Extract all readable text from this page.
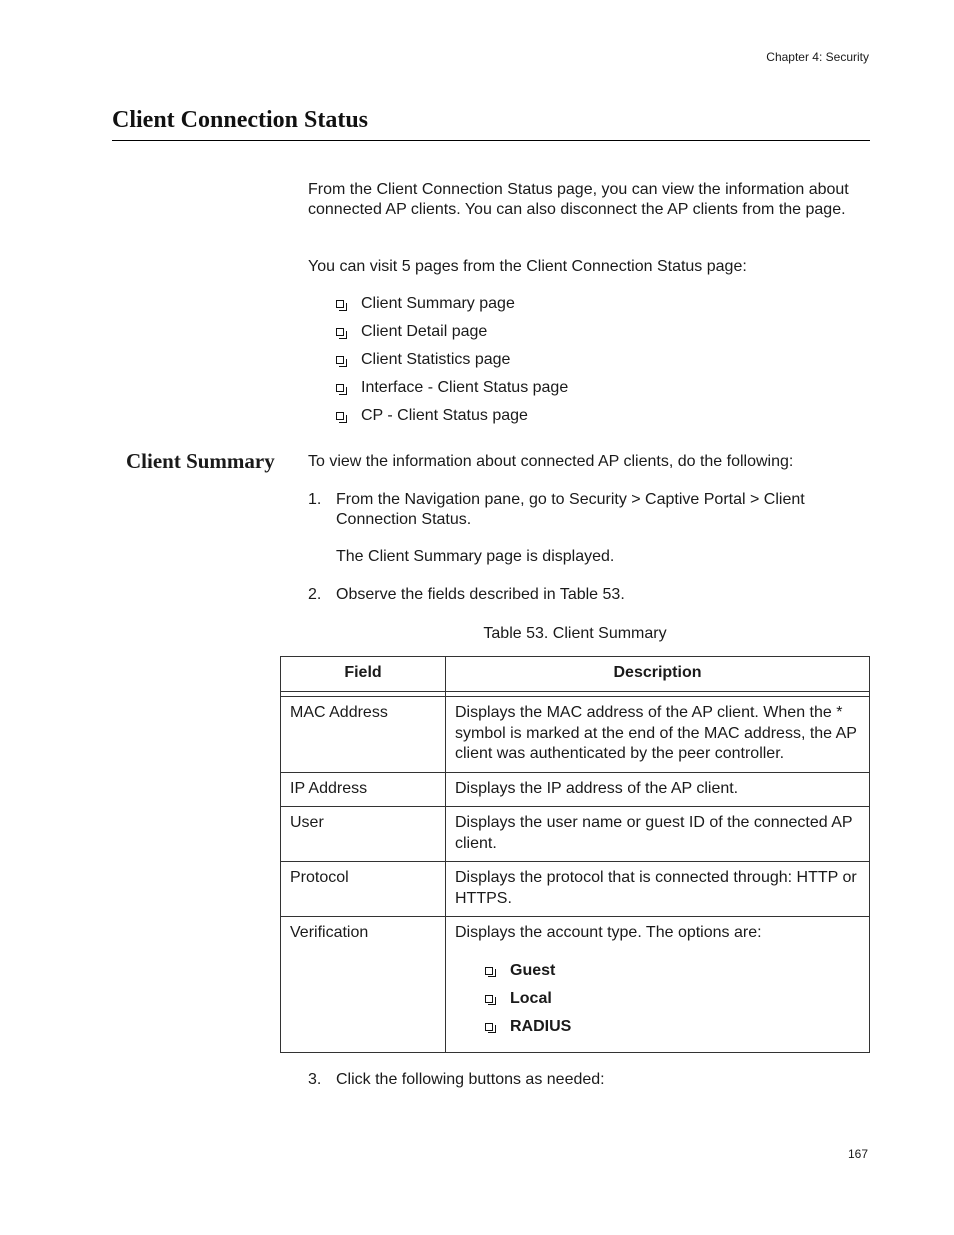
Chapter 4: Security
Client Connection Status
From the Client Connection Status page, you can view the information about connected AP clients. You can also disconnect the AP clients from the page.
You can visit 5 pages from the Client Connection Status page:
Client Summary page
Client Detail page
Client Statistics page
Interface - Client Status page
CP - Client Status page
Client Summary To view the information about connected AP clients, do the following:
1. From the Navigation pane, go to Security > Captive Portal > Client Connection Status.
The Client Summary page is displayed.
2. Observe the fields described in Table 53.
Table 53. Client Summary
Field	Description

MAC Address	Displays the MAC address of the AP client. When the * symbol is marked at the end of the MAC address, the AP client was authenticated by the peer controller.
IP Address	Displays the IP address of the AP client.
User	Displays the user name or guest ID of the connected AP client.
Protocol	Displays the protocol that is connected through: HTTP or HTTPS.
Verification	Displays the account type. The options are:
Guest
Local
RADIUS
3. Click the following buttons as needed:
167
